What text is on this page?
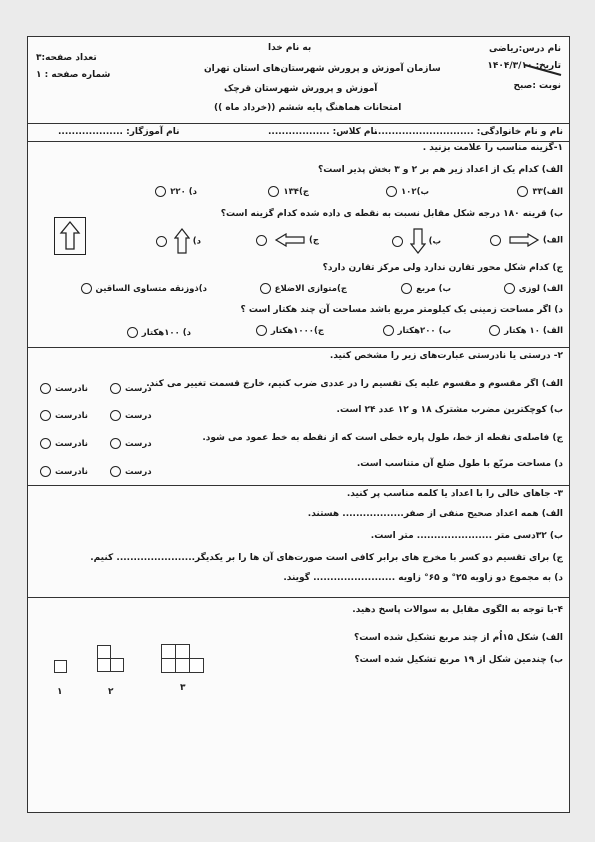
به نام خدا
سازمان آموزش و پرورش شهرستان‌های استان تهران
آموزش و پرورش شهرستان قرچک
امتحانات هماهنگ پایه ششم ((خرداد ماه ))
نام درس:ریاضی
تاریخ: ۱۴۰۴/۳/۱۰
نوبت :صبح
تعداد صفحه:۳
شماره صفحه : ۱
نام و نام خانوادگی: ..............................
نام کلاس: ..................
نام آموزگار: ...................
۱-گزینه مناسب را علامت بزنید .
الف) کدام یک از اعداد زیر هم بر ۲ و ۳ بخش پذیر است؟
الف)۳۳
ب)۱۰۲
ج)۱۳۴
د) ۲۲۰
ب) قرینه ۱۸۰ درجه شکل مقابل نسبت به نقطه ی داده شده کدام گزینه است؟
الف)
ب)
ج)
د)
ج) کدام شکل محور تقارن ندارد ولی مرکز تقارن دارد؟
الف) لوزی
ب) مربع
ج)متوازی الاضلاع
د)ذوزنقه متساوی الساقین
د) اگر مساحت زمینی یک کیلومتر مربع باشد مساحت آن چند هکتار است ؟
الف) ۱۰ هکتار
ب) ۲۰۰هکتار
ج)۱۰۰۰هکتار
د) ۱۰۰هکتار
۲- درستی یا نادرستی عبارت‌های زیر را مشخص کنید.
الف) اگر مقسوم و مقسوم علیه یک تقسیم را در عددی ضرب کنیم، خارج قسمت تغییر می کند.
درست
نادرست
ب) کوچکترین مضرب مشترک ۱۸ و ۱۲ عدد ۲۴ است.
درست
نادرست
ج) فاصله‌ی نقطه از خط، طول پاره خطی است که از نقطه به خط عمود می شود.
درست
نادرست
د) مساحت مربّع با طول ضلع آن متناسب است.
درست
نادرست
۳- جاهای خالی را با اعداد یا کلمه مناسب پر کنید.
الف) همه اعداد صحیح منفی از صفر.................. هستند.
ب) ۳۲دسی متر ...................... متر است.
ج) برای تقسیم دو کسر با مخرج های برابر کافی است صورت‌های آن ها را بر یکدیگر....................... کنیم.
د) به مجموع دو زاویه ۲۵° و ۶۵° زاویه ........................ گویند.
۴-با توجه به الگوی مقابل به سوالات پاسخ دهید.
الف) شکل ۱۵اُم از چند مربع تشکیل شده است؟
ب) چندمین شکل از ۱۹ مربع تشکیل شده است؟
۱	۲	۳
